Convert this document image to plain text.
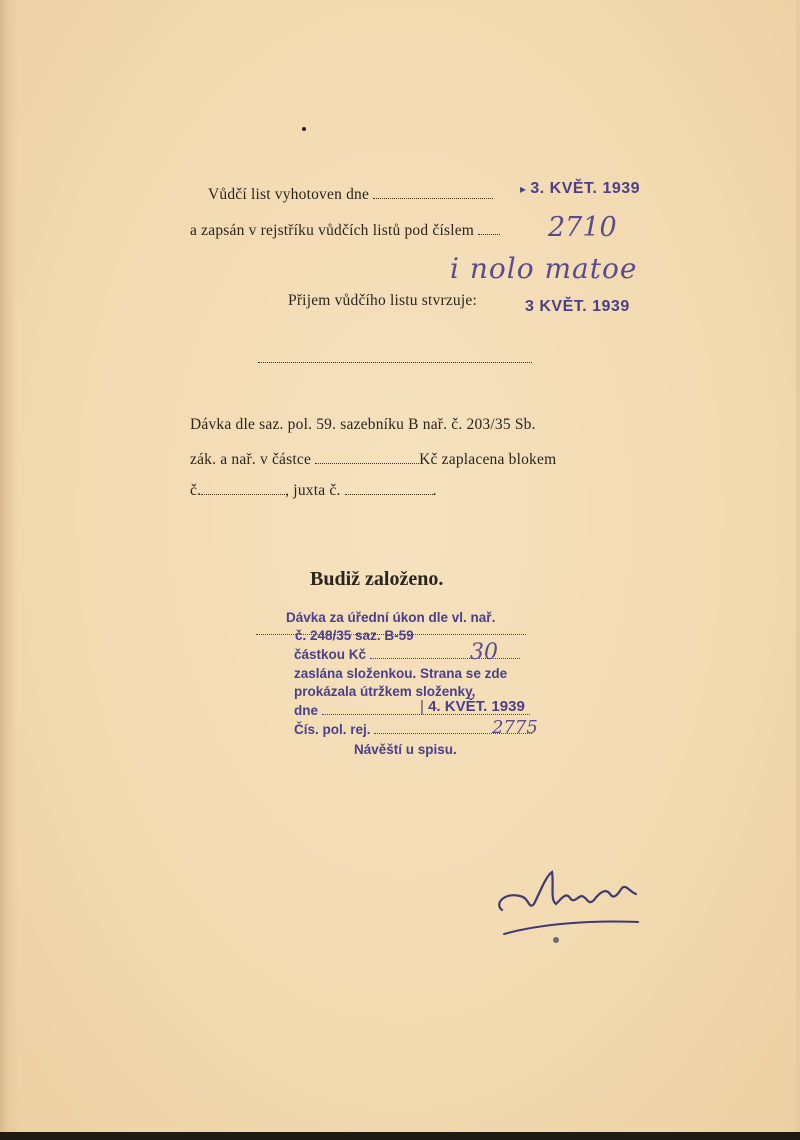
Vůdčí list vyhotoven dne	▸ 3. KVĚT. 1939
a zapsán v rejstříku vůdčích listů pod číslem	2710
i nolo matoe
Přijem vůdčího listu stvrzuje:	3 KVĚT. 1939
Dávka dle saz. pol. 59. sazebníku B nař. č. 203/35 Sb.
zák. a nař. v částce	Kč zaplacena blokem
č.	, juxta č.	.
Budiž založeno.
Dávka za úřední úkon dle vl. nař.
č. 248/35 saz. B-59
částkou Kč	30
zaslána složenkou. Strana se zde
prokázala útržkem složenky,
dne	| 4. KVĚT. 1939
Čís. pol. rej.	2775
Návěští u spisu.
